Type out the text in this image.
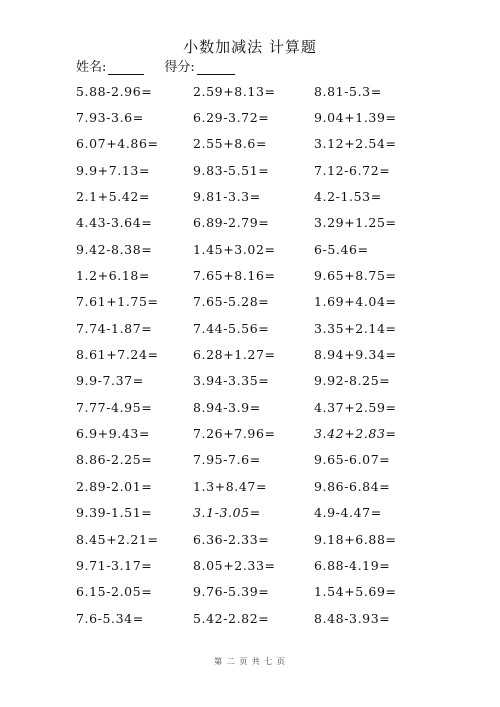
小数加减法 计算题
姓名:	得分:
5.88-2.96=	2.59+8.13=	8.81-5.3=
7.93-3.6=	6.29-3.72=	9.04+1.39=
6.07+4.86=	2.55+8.6=	3.12+2.54=
9.9+7.13=	9.83-5.51=	7.12-6.72=
2.1+5.42=	9.81-3.3=	4.2-1.53=
4.43-3.64=	6.89-2.79=	3.29+1.25=
9.42-8.38=	1.45+3.02=	6-5.46=
1.2+6.18=	7.65+8.16=	9.65+8.75=
7.61+1.75=	7.65-5.28=	1.69+4.04=
7.74-1.87=	7.44-5.56=	3.35+2.14=
8.61+7.24=	6.28+1.27=	8.94+9.34=
9.9-7.37=	3.94-3.35=	9.92-8.25=
7.77-4.95=	8.94-3.9=	4.37+2.59=
6.9+9.43=	7.26+7.96=	3.42+2.83=
8.86-2.25=	7.95-7.6=	9.65-6.07=
2.89-2.01=	1.3+8.47=	9.86-6.84=
9.39-1.51=	3.1-3.05=	4.9-4.47=
8.45+2.21=	6.36-2.33=	9.18+6.88=
9.71-3.17=	8.05+2.33=	6.88-4.19=
6.15-2.05=	9.76-5.39=	1.54+5.69=
7.6-5.34=	5.42-2.82=	8.48-3.93=
第 二 页 共 七 页
